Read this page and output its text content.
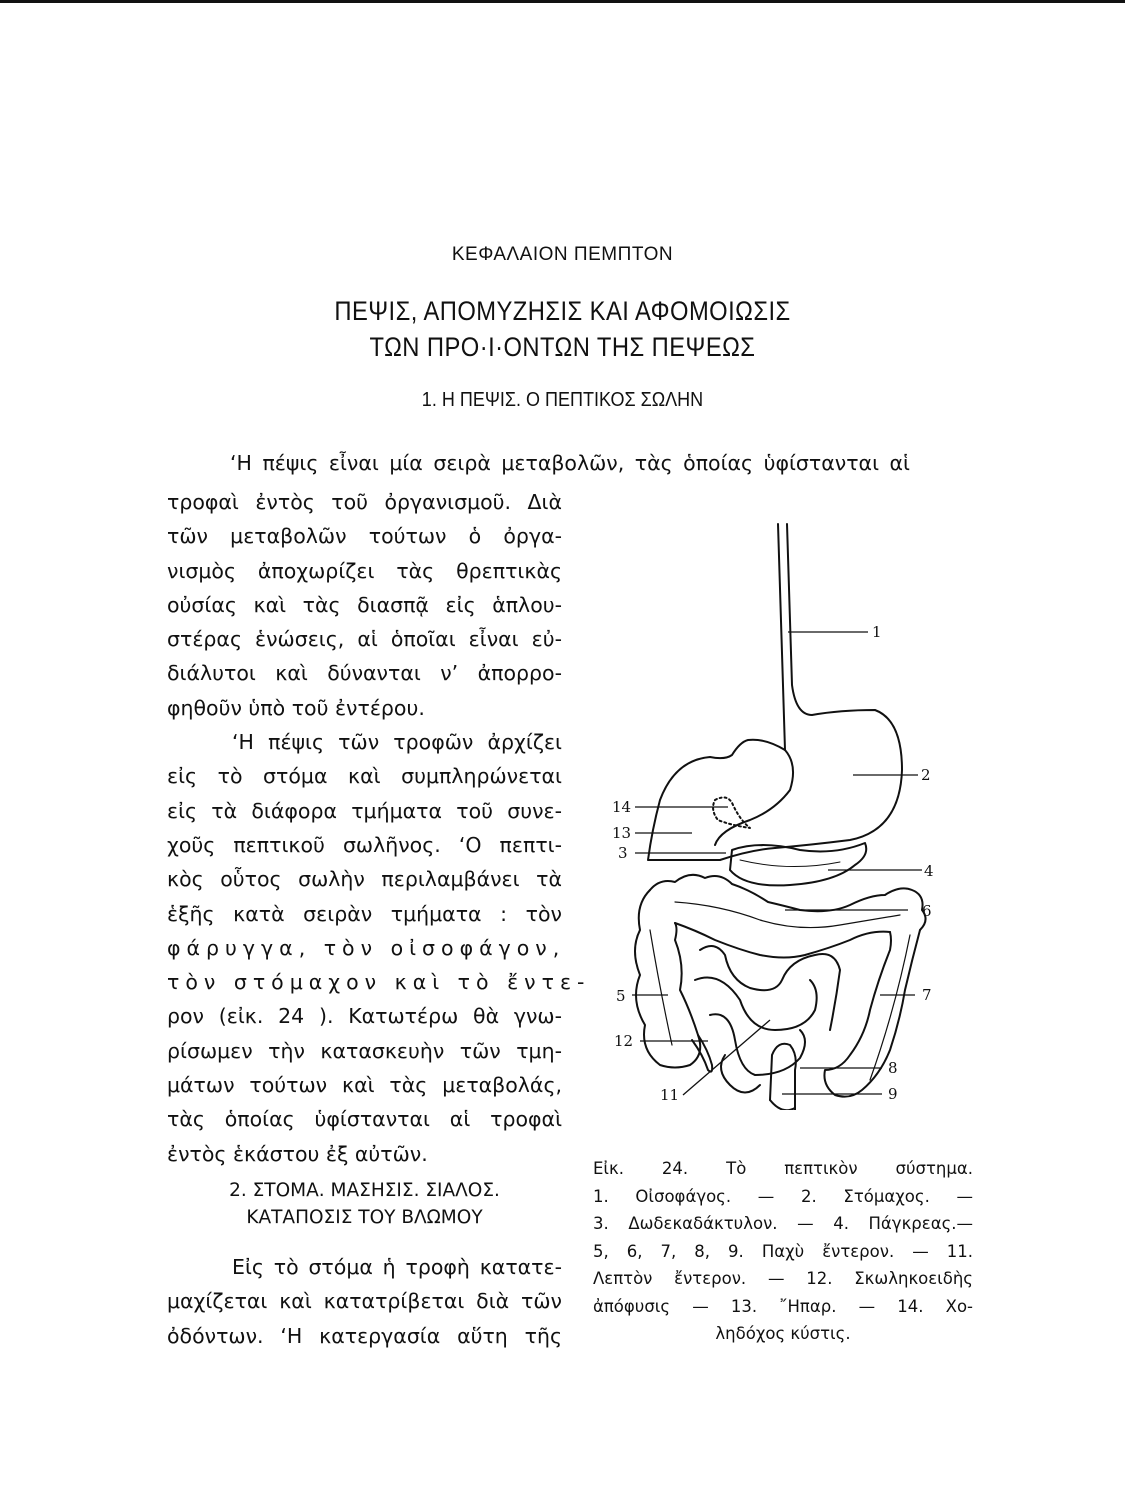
ΚΕΦΑΛΑΙΟΝ ΠΕΜΠΤΟΝ
ΠΕΨΙΣ, ΑΠΟΜΥΖΗΣΙΣ ΚΑΙ ΑΦΟΜΟΙΩΣΙΣ
ΤΩΝ ΠΡΟ·Ι·ΟΝΤΩΝ ΤΗΣ ΠΕΨΕΩΣ
1. Η ΠΕΨΙΣ. Ο ΠΕΠΤΙΚΟΣ ΣΩΛΗΝ
‘Η πέψις εἶναι μία σειρὰ μεταβολῶν, τὰς ὁποίας ὑφίστανται αἱ
τροφαὶ ἐντὸς τοῦ ὀργανισμοῦ. Διὰ
τῶν μεταβολῶν τούτων ὁ ὀργα-
νισμὸς ἀποχωρίζει τὰς θρεπτικὰς
οὐσίας καὶ τὰς διασπᾷ εἰς ἁπλου-
στέρας ἑνώσεις, αἱ ὁποῖαι εἶναι εὐ-
διάλυτοι καὶ δύνανται ν’ ἀπορρο-
φηθοῦν ὑπὸ τοῦ ἐντέρου.
‘Η πέψις τῶν τροφῶν ἀρχίζει
εἰς τὸ στόμα καὶ συμπληρώνεται
εἰς τὰ διάφορα τμήματα τοῦ συνε-
χοῦς πεπτικοῦ σωλῆνος. ‘Ο πεπτι-
κὸς οὗτος σωλὴν περιλαμβάνει τὰ
ἑξῆς κατὰ σειρὰν τμήματα : τὸν
φάρυγγα, τὸν οἰσοφάγον,
τὸν στόμαχον καὶ τὸ ἔντε-
ρον (εἰκ. 24 ). Κατωτέρω θὰ γνω-
ρίσωμεν τὴν κατασκευὴν τῶν τμη-
μάτων τούτων καὶ τὰς μεταβολάς,
τὰς ὁποίας ὑφίστανται αἱ τροφαὶ
ἐντὸς ἑκάστου ἐξ αὐτῶν.
2. ΣΤΟΜΑ. ΜΑΣΗΣΙΣ. ΣΙΑΛΟΣ.
ΚΑΤΑΠΟΣΙΣ ΤΟΥ ΒΛΩΜΟΥ
Εἰς τὸ στόμα ἡ τροφὴ κατατε-
μαχίζεται καὶ κατατρίβεται διὰ τῶν
ὀδόντων. ‘Η κατεργασία αὕτη τῆς
1
2
14
13
3
4
6
5	7
12
8
11	9
Εἰκ. 24. Τὸ πεπτικὸν σύστημα.
1. Οἰσοφάγος. — 2. Στόμαχος. —
3. Δωδεκαδάκτυλον. — 4. Πάγκρεας.—
5, 6, 7, 8, 9. Παχὺ ἔντερον. — 11.
Λεπτὸν ἔντερον. — 12. Σκωληκοειδὴς
ἀπόφυσις — 13. ῎Ηπαρ. — 14. Χο-
ληδόχος κύστις.
